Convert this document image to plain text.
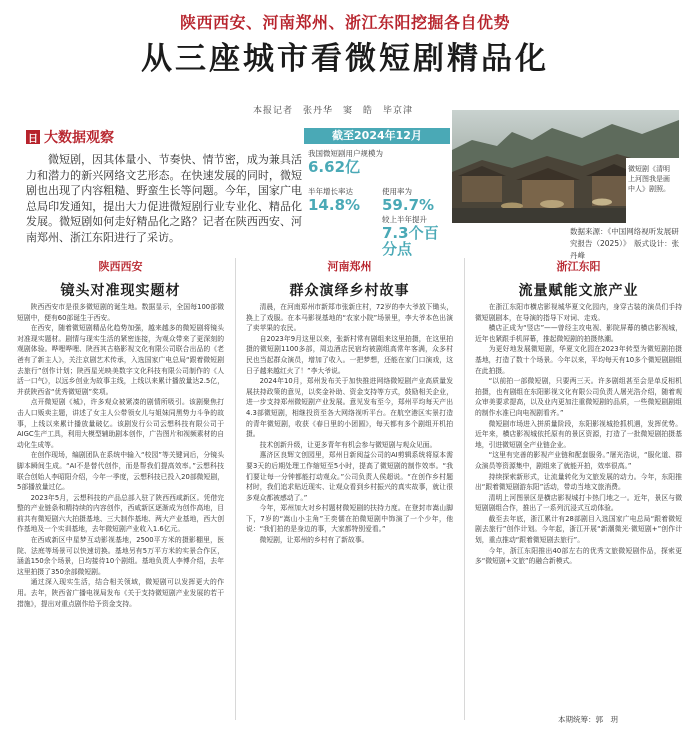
陕西西安、河南郑州、浙江东阳挖掘各自优势
从三座城市看微短剧精品化
本报记者　张丹华　窦　皓　毕京津
日 大数据观察
微短剧，因其体量小、节奏快、情节密，成为兼具活力和潜力的新兴网络文艺形态。在快速发展的同时，微短剧也出现了内容粗糙、野蛮生长等问题。今年，国家广电总局印发通知，提出大力促进微短剧行业专业化、精品化发展。微短剧如何走好精品化之路？记者在陕西西安、河南郑州、浙江东阳进行了采访。
截至2024年12月
我国微短剧用户规模为
6.62亿
半年增长率达
14.8%
使用率为
59.7%
较上半年提升
7.3个百分点
微短剧《清明上河图我是画中人》剧照。
数据来源：《中国网络视听发展研究报告（2025）》　版式设计：张丹峰
陕西西安
镜头对准现实题材

陕西西安市是很多微短剧的诞生地。数据显示，全国每100部微短剧中，便有60部诞生于西安。

在西安，随着微短剧精品化趋势加强，越来越多的微短剧将镜头对准现实题材。剧情与现实生活的紧密连接，为观众带来了更深刻的观剧体验。哗哩哗哩、陕西其古格影视文化有限公司联合出品的《老爸有了新主人》，关注京剧艺术传承，入选国家广电总局“跟着微短剧去旅行”创作计划；陕西星光映美数字文化科技有限公司制作的《人活一口气》，以远乡创业为故事主线，上线以来累计播放量达2.5亿，并获陕西省“优秀微短剧”奖项。

点开微短剧《城》，许多观众被紧凑的剧情所吸引。该剧聚焦打击人口贩卖主题，讲述了女主人公带领女儿与姐妹同黑势力斗争的故事，上线以来累计播放量破亿。该剧发行公司云想科技有限公司于AIGC生产工具，利用大模型辅助剧本创作，广告图片和视频素材的自动化生成等。

在创作现场，编剧团队在系统中输入“校园”等关键词后，分镜头脚本瞬间生成。“AI不是替代创作，而是帮我们提高效率。”云想科技联合创始人李昭阳介绍，今年一季度，云想科技已投入20部微短剧，5部播放量过亿。

2023年5月，云想科技的产品总部入驻了陕西西咸新区。凭借完整的产业链条和精持续的内容创作，西咸新区逐渐成为创作高地，目前共有微短剧六大拍摄基地、三大制作基地、两大产业基地，西大创作基地及一个实训基地，去年微短剧产业收入1.6亿元。

在西咸新区中星梦互动影视基地，2500平方米的摄影棚里，医院、法庭等场景可以快速切换。基地另有5万平方米的实景合作区，涵盖150余个场景，日均接待10个剧组。基地负责人李博介绍，去年这里拍摄了350余部微短剧。

通过深入现实生活，结合相关领域，微短剧可以发挥更大的作用。去年，陕西省广播电视局发布《关于支持微短剧产业发展的若干措施》，提出对重点剧作给予资金支持。

河南郑州
群众演绎乡村故事

清晨，在河南郑州市新郑市张新庄村，72岁的李大爷放下锄头，换上了戏服。在本马影视基地的“农家小院”场景里，李大爷本色出演了卖苹果的农民。

自2023年9月这里以来，张新村常有剧组来这里拍摄，在这里拍摄的微短剧1100多部，周边酒店民宿均被剧组高常年客满，众多村民也当起群众演员，增加了收入。一把梦想，还能在家门口演戏，这日子越来越红火了！”李大爷说。

2024年10月，郑州发布关于加快推进网络微短剧产业高质量发展扶持政策的意见，以奖金补助、资金支持等方式，鼓励相关企业，进一步支持郑州微短剧产业发展。意见发布至今，郑州平均每天产出4.3部微短剧，相继投资至各大网络视听平台。在航空港区实景打造的青年微短剧，收获《春日里的小团圆》，每天都有多个剧组开机拍摄。

技术创新升级，让更多青年有机会参与微短剧与观众见面。

惠济区良辉文创园里，郑州日新阅益公司的AI剪辑系统将原本需要3天的后期处理工作缩短至5小时，提高了微短剧的制作效率。“我们要让每一分钟都能打动观众。”公司负责人侯超说。“在创作乡村题材时，我们追求贴近现实、让观众看到乡村振兴的真实故事，就让很多观众都被感动了。”

今年，郑州加大对乡村题材微短剧的扶持力度。在登封市嵩山脚下，7岁的“嵩山小主角”王奕儒在拍微短剧中饰演了一个少年，他说：“我们拍的是身边的事，大家都特别爱看。”

微短剧，让郑州的乡村有了新故事。

浙江东阳
流量赋能文旅产业

在浙江东阳市横店影视城华夏文化园内，身穿古装的演员们手持微短剧剧本，在导演的指导下对词、走戏。

横店正成为“竖店”——曾经主攻电视、影院屏幕的横店影视城，近年也紧跟手机屏幕，推起微短剧的拍摄热潮。

为更好地发展微短剧，华夏文化园在2023年转型为微短剧拍摄基地，打造了数十个场景。今年以来，平均每天有10多个微短剧剧组在此拍摄。

“以前拍一部微短剧，只要两三天。许多剧组甚至会是单反相机拍摄，也有剧组在东阳影视文化有限公司负责人屠光浩介绍，随着观众审美要求提高，以及业内更加注重微短剧的品质，一些微短剧剧组的制作水准已向电视剧看齐。”

微短剧市场进入拼质量阶段，东阳影视城抢抓机遇，发挥优势。近年来，横店影视城依托原有的景区资源，打造了一批微短剧拍摄基地，引进微短剧全产业链企业。

“这里有完善的影视产业链和配套服务。”屠光浩说，“服化道、群众演员等资源集中，剧组来了就能开拍，效率很高。”

持续探索新形式，让流量转化为文旅发展的动力。今年，东阳推出“跟着微短剧游东阳”活动，带动当地文旅消费。

清明上河图景区是横店影视城打卡热门地之一。近年，景区与微短剧剧组合作，推出了一系列沉浸式互动体验。

截至去年底，浙江累计有28部剧目入选国家广电总局“跟着微短剧去旅行”创作计划。今年起，浙江开展“新潮微光·微短剧+”创作计划，重点推动“跟着微短剧去旅行”。

今年，浙江东阳推出40部左右的优秀文旅微短剧作品，探索更多“微短剧+文旅”的融合新模式。

本期统筹：郭　玥
